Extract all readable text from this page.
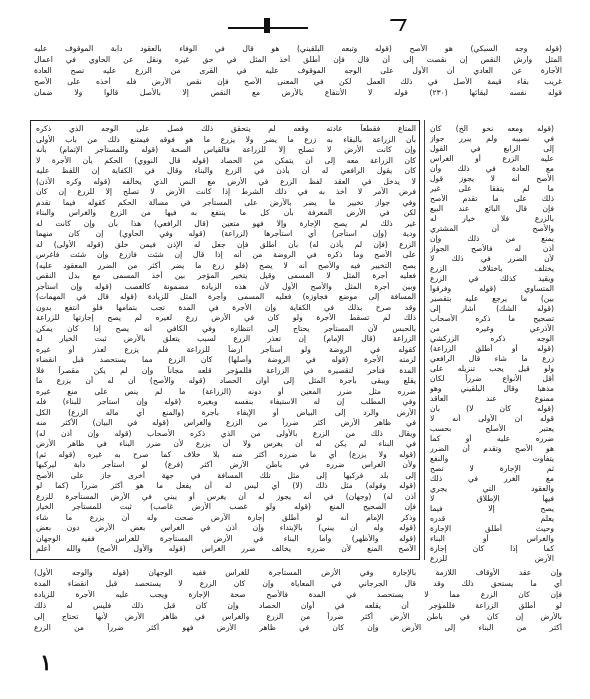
(قوله وجه السبكي) هو الأصح (قوله وتبعه البلقيني) هو قال في الوفاء بالعقود دابة الموقوف عليه
المثل وارش النقص إن نقصت إلى أن قال فإن أطلق أخذ المثل في حق غيره ونقل عن الحاوي في اعمال
الأجارة عن العادي أن الأول على الوجه الموقوف عليه في القرى من الزرع عليه تصح العادة
غريب بقاء قيمة الأصل في ذلك العمل لكن في المعنى الأصح فإن نقص الأرض فله أخذه على الأصح
قوله نفسه لبقائها (٢٣٠) قوله لا الأنتفاع بالأرض مع النقص إلا بالأصل قالوا ولا ضمان
المتاع فقطعاً عادته وقعه لم يتحقق ذلك فصل على الوجه الذي ذكره
بأن الزراعة بالبقاء به زرع ما يضر ولا يزرع ما هو فوقه فيمتنع ذلك من باب الأولى
وإن كانت الأرض لا تصلح إلا للزراعة فالقياس الصحة (قوله وللمستأجر الإتمام) بأنه
كان الزراعة معه إلى أن يتمكن من الحصاد (قوله قال النووي) الحكم بأن الأجرة لا
كان يقول الرافعي له أن يأذن في الزرع والبناء وقال في الكفاية إن اللفظ عليه
لا يدخل في العقد لفظ الزرع في الأرض مع النص الذي يخالفه (قوله وكره الأذن)
فرض الأمر لا أخذ به في ذلك الشرط إذا كانت الأرض لا تصلح إلا للزرع إن كان
وفي جواز تخيير ما يضر بالأرض على المستأجر في مسألة الحكم كقوله فيما تقدم
لكن في الأرض المعرفة بأن كل ما ينتفع به فيها من الزرع والغراس والبناء
غير ذلك لم يصح الإجارة وإلا فهو متعين (قال الرافعي) هذا بأن وإن كانت له
ودية (وإن استأجر) أي استأجرها (لزراعة) (قوله وفي الحاوي) إن كان منهما
الزرع (فإن لم يأذن له) بأن أطلق فإن جعل له الإذن فيمن خلق (قوله الأولى) له
على الأصح وما ذكره في الروضة من أنه إذا قال إن شئت فازرع وإن شئت فاغرس
يصح التخيير فيه والأصح أنه لا يصح (فلو زرع ما يضر أكثر من الضرر المعقود عليه)
فعليه أجرة المثل لا المسمى وقيل يتخير المؤجر بين أخذ المسمى مع بدل النقص
وبين أجرة المثل والأصح الأول لأن هذه الزيادة مضمونة كالغصب (قوله وإن استأجر
المسافة إلى موضع فجاوزه) فعليه المسمى وأجرة المثل للزيادة (قوله قال في المهمات)
وقد صرح بذلك في الكفاية وإن الأجرة في المدة تجب بتمامها فلو انتفع بدون
ذلك لم تسقط الأجرة ولو كان في الأرض زرع لغيره لم يصح إجارتها للزراعة
بالحبس لأن المستأجر يحتاج إلى انتظاره وفي الكافي أنه يصح إذا كان يمكن
الزراعة (قال الإمام) إن تعذر الزرع لسبب يتعلق بالأرض ثبت الخيار له
كقوله في الروضة ولو استأجر أرضاً للزراعة فلم يزرع لعذر أو غيره
لزمته الأجرة (قوله في الروضة وأصلها) كان الزرع مما يستحصد قبل انقضاء
المدة فتأخر لتقصيره في الزراعة فللمؤجر قلعه مجاناً وإن لم يكن مقصراً فلا
يقلع ويبقى بأجرة المثل إلى أوان الحصاد (قوله والأصح) أن له أن يزرع ما
ضرره مثل ضرر المعين أو دونه (الزراعة) ما لم ينص على منع غيره
وفي المطلب إن له الاستيفاء بنفسه وبغيره (قوله وإن استأجر للبناء) فله
الأرض والرد إلى البياض أو الإبقاء بأجرة (والمنع أي ماله الزرع) الكل
في ظاهر الأرض أكثر ضرراً من الزرع والغراس (قوله في البيان) الأكثر منه
ويقال ذلك من الزرع بالأولى من الذي ذكره الأصحاب (قوله وإن أذن له)
في البناء لم يكن له أن يغرس ولا أن يزرع لأن ضرر البناء في ظاهر الأرض
(قوله ولا يزرع) أي ما ضرره أكثر منه بلا خلاف كما صرح به غيره (قوله ثم)
ولأن الغراس ضرره في باطن الأرض أكثر (فرع) لو استأجر دابة ليركبها
إلى بلد فركبها إلى مثل تلك المسافة في جهة أخرى جاز على الأصح
(قوله وقوله) مثل ذلك (لا) أي ليس له أن يفعل ما هو أكثر ضرراً (كما لو
أذن له) (وجهان) في أنه يجوز له أن يغرس أو يبني في الأرض المستأجرة للزرع
فإن الصحيح المنع (قوله ولو غصب الأرض غاصب) ثبت للمستأجر الخيار
وذكر الإمام أنه لو أطلق إجارة الأرض صحت وله أن يزرع ما شاء
(قوله وله أن يبني) بالإبتداء وإن أذن في الغراس بعض الأرض دون بعض
(قوله والأظهر) وأما البناء في الأرض المستأجرة للغراس ففيه الوجهان
الأصح المنع لأن ضرره يخالف ضرر الغراس (قوله والأول الأصح) والله أعلم
(قوله ومعه نحو الخ) كان
في نصيبه ولم يبرر جواز
إلى الرابع في القول
عليه الزرع أو الغراس
مع العادة في ذلك وأن
الأصح أنه لا يجوز قول
ما لم يتفقا على غير
ذلك على ما تقدم الأصح
فإن قال البائع عند البيع
بالزرع فلا خيار له
والأصح أن المشتري
يمنع من ذلك وإن
أذن له فالأصح الجواز
لأن الضرر في ذلك لا
يختلف باختلاف الزرع
ويقيد كذلك في الزرع
المتساوي (قوله وفرقوا
بين) ما يرجع عليه بتقصير
(قوله الشك) أشار إلى
تصحيح ما ذكره الأصحاب
الأذرعي وغيره من
الوجه ذكره الزركشي
(قوله أو أطلق الزراعة)
زرع ما شاء قال الرافعي
ولو قيل يجب تنزيله على
أقل الأنواع ضرراً لكان
مذهبا وقال البلقيني وهو
ممنوع عند العاقد
(قوله كان لا) بان
قوله ان الأولى أنه لا
يعتبر الأصلح بحسب
ضرره عليه أو كما
هو الأصح وتقدم أن الضرر
يتفاوت والنفع
ثم الإجارة لا تصح
مع الغرر في ذلك
والعقود التي يجري
فيها الإطلاق لا
يصح إلا فيما
يعلم قدره
وحيث أطلق الإجارة
والغراس أو البناء
كما إذا كان إجارة
الأرض للزرع
وإن عقد الأوقاف اللازمة بالإجارة وفي الأرض المستأجرة للغراس ففيه الوجهان (قوله والوجه الأول)
أي ما يستحق ذلك وقد قال الجرجاني في المعاياة وإن كان الزرع لا يستحصد قبل انقضاء المدة
فإن كان الزرع مما لا يستحصد في المدة فالأصح صحة الإجارة ويجب عليه الأجرة للزيادة
لو أطلق الزراعة فللمؤجر أن يقلعه في أوان الحصاد وإن كان قبل ذلك فليس له ذلك
بالأرض إن كان في باطن الأرض أكثر ضرراً من الزرع والغراس في ظاهر الأرض لأنها تحتاج إلى
أكثر من البناء إلى الأرض وإن كان في ظاهر الأرض فهو أكثر ضرراً من الزرع
١
